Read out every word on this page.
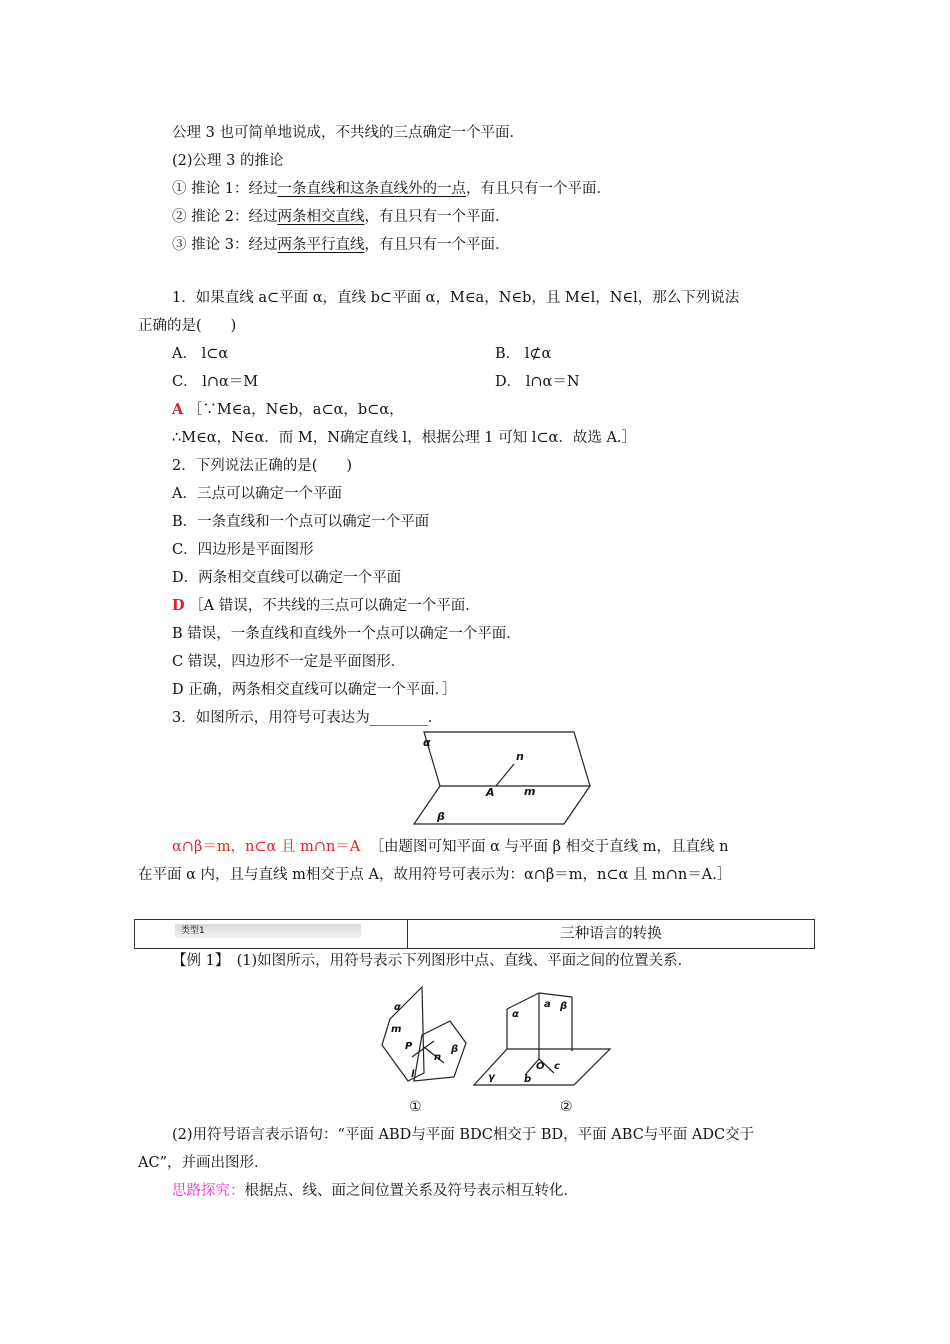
公理 3 也可简单地说成，不共线的三点确定一个平面．
(2)公理 3 的推论
① 推论 1：经过一条直线和这条直线外的一点，有且只有一个平面．
② 推论 2：经过两条相交直线，有且只有一个平面．
③ 推论 3：经过两条平行直线，有且只有一个平面．
1．如果直线 a⊂平面 α，直线 b⊂平面 α，M∈a，N∈b，且 M∈l，N∈l，那么下列说法
正确的是(　　)
A． l⊂α	B． l⊄α
C． l∩α＝M	D． l∩α＝N
A ［∵M∈a，N∈b，a⊂α，b⊂α，
∴M∈α，N∈α．而 M，N确定直线 l，根据公理 1 可知 l⊂α．故选 A.］
2．下列说法正确的是(　　)
A．三点可以确定一个平面
B．一条直线和一个点可以确定一个平面
C．四边形是平面图形
D．两条相交直线可以确定一个平面
D ［A 错误，不共线的三点可以确定一个平面．
B 错误，一条直线和直线外一个点可以确定一个平面．
C 错误，四边形不一定是平面图形．
D 正确，两条相交直线可以确定一个平面．］
3．如图所示，用符号可表达为________．
α
n
A	m
β
α∩β＝m，n⊂α 且 m∩n＝A ［由题图可知平面 α 与平面 β 相交于直线 m，且直线 n
在平面 α 内，且与直线 m相交于点 A，故用符号可表示为：α∩β＝m，n⊂α 且 m∩n＝A.］
类型1	三种语言的转换
【例 1】　(1)如图所示，用符号表示下列图形中点、直线、平面之间的位置关系．
α
m
P	β
n
l
①
α
a β
O c
γ	b
②
(2)用符号语言表示语句：“平面 ABD与平面 BDC相交于 BD，平面 ABC与平面 ADC交于
AC”，并画出图形．
思路探究：根据点、线、面之间位置关系及符号表示相互转化．
